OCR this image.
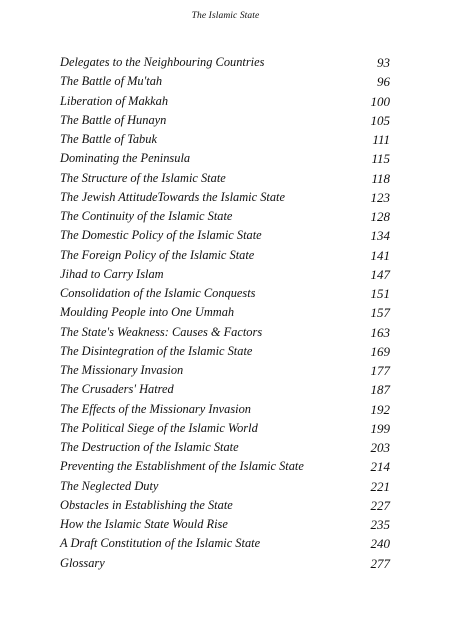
The Islamic State
Delegates to the Neighbouring Countries	93
The Battle of Mu'tah	96
Liberation of Makkah	100
The Battle of Hunayn	105
The Battle of Tabuk	111
Dominating the Peninsula	115
The Structure of the Islamic State	118
The Jewish AttitudeTowards the Islamic State	123
The Continuity of the Islamic State	128
The Domestic Policy of the Islamic State	134
The Foreign Policy of the Islamic State	141
Jihad to Carry Islam	147
Consolidation of the Islamic Conquests	151
Moulding People into One Ummah	157
The State's Weakness: Causes & Factors	163
The Disintegration of the Islamic State	169
The Missionary Invasion	177
The Crusaders' Hatred	187
The Effects of the Missionary Invasion	192
The Political Siege of the Islamic World	199
The Destruction of the Islamic State	203
Preventing the Establishment of the Islamic State	214
The Neglected Duty	221
Obstacles in Establishing the State	227
How the Islamic State Would Rise	235
A Draft Constitution of the Islamic State	240
Glossary	277
